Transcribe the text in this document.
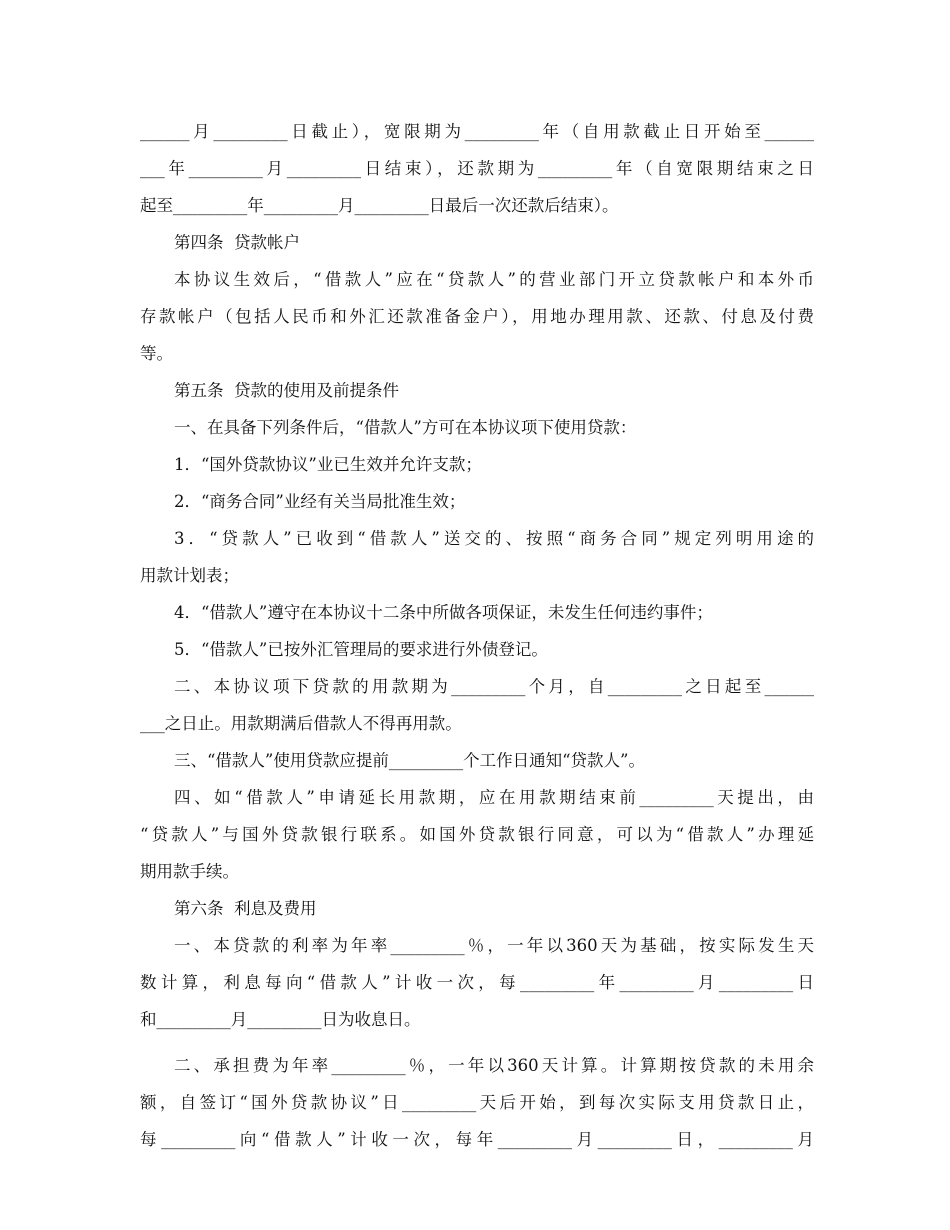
______月_________日截止），宽限期为_________年（自用款截止日开始至______
___年_________月_________日结束），还款期为_________年（自宽限期结束之日
起至_________年_________月_________日最后一次还款后结束）。
第四条  贷款帐户
本协议生效后，“借款人”应在“贷款人”的营业部门开立贷款帐户和本外币
存款帐户（包括人民币和外汇还款准备金户），用地办理用款、还款、付息及付费
等。
第五条  贷款的使用及前提条件
一、在具备下列条件后，“借款人”方可在本协议项下使用贷款：
1．“国外贷款协议”业已生效并允许支款；
2．“商务合同”业经有关当局批准生效；
3．“贷款人”已收到“借款人”送交的、按照“商务合同”规定列明用途的
用款计划表；
4．“借款人”遵守在本协议十二条中所做各项保证，未发生任何违约事件；
5．“借款人”已按外汇管理局的要求进行外债登记。
二、本协议项下贷款的用款期为_________个月，自_________之日起至______
___之日止。用款期满后借款人不得再用款。
三、“借款人”使用贷款应提前_________个工作日通知“贷款人”。
四、如“借款人”申请延长用款期，应在用款期结束前_________天提出，由
“贷款人”与国外贷款银行联系。如国外贷款银行同意，可以为“借款人”办理延
期用款手续。
第六条  利息及费用
一、本贷款的利率为年率_________％，一年以360天为基础，按实际发生天
数计算，利息每向“借款人”计收一次，每_________年_________月_________日
和_________月_________日为收息日。
二、承担费为年率_________％，一年以360天计算。计算期按贷款的未用余
额，自签订“国外贷款协议”日_________天后开始，到每次实际支用贷款日止，
每_________向“借款人”计收一次，每年_________月_________日，_________月
